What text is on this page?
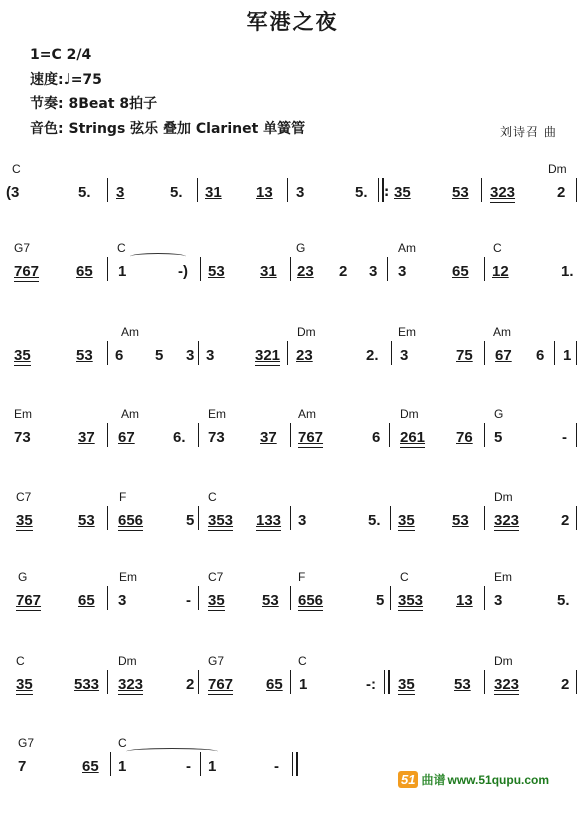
军港之夜
1=C 2/4
速度:♩=75
节奏: 8Beat 8拍子
音色: Strings 弦乐 叠加 Clarinet 单簧管	刘诗召 曲
C	Dm
(3	5. 3	5. 31 13 3	5. : 35	53 323	2
G7	C	G	Am	C
767 65 1	-) 53 31 23 2 3 3	65 12	1.
Am	Dm	Em	Am
35	53 6 5 3 3	321 23	2. 3	75 67 6 1
Em	Am	Em	Am	Dm	G
73	37 67	6. 73 37 767	6 261 76 5	-
C7	F	C	Dm
35	53 656	5 353 133 3	5. 35 53 323	2
G	Em	C7	F	C	Em
767 65 3	- 35 53 656	5 353 13 3	5.
C	Dm	G7	C	Dm
35	533 323	2 767 65 1	-: 35	53 323	2
G7	C
7	65 1	- 1	-
51 曲谱 www.51qupu.com
